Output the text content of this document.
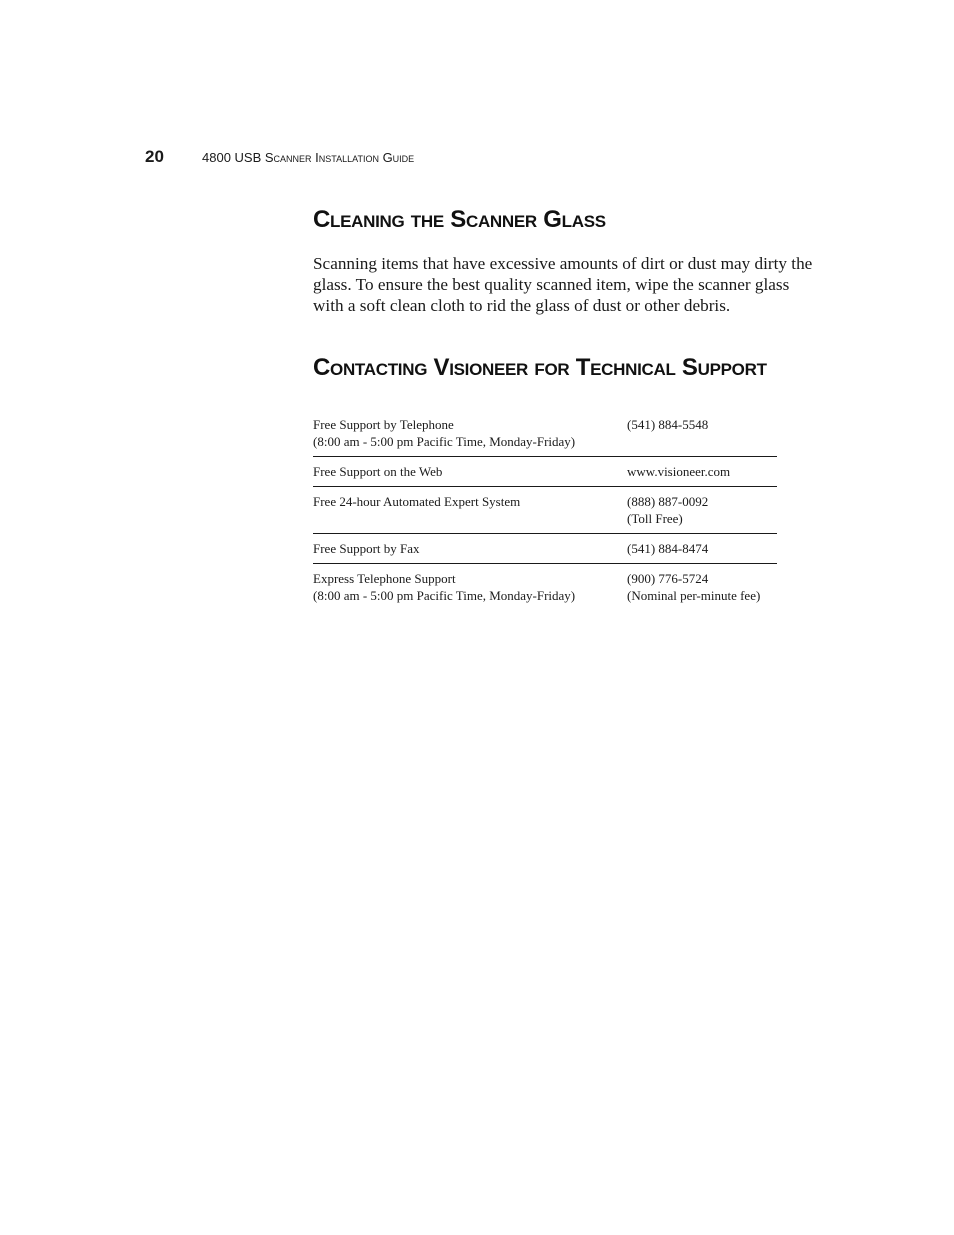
20	4800 USB Scanner Installation Guide
Cleaning the Scanner Glass

Scanning items that have excessive amounts of dirt or dust may dirty the glass. To ensure the best quality scanned item, wipe the scanner glass with a soft clean cloth to rid the glass of dust or other debris.

Contacting Visioneer for Technical Support
Free Support by Telephone
(8:00 am - 5:00 pm Pacific Time, Monday-Friday)	(541) 884-5548

Free Support on the Web	www.visioneer.com

Free 24-hour Automated Expert System	(888) 887-0092
(Toll Free)

Free Support by Fax	(541) 884-8474

Express Telephone Support
(8:00 am - 5:00 pm Pacific Time, Monday-Friday)	(900) 776-5724
(Nominal per-minute fee)
